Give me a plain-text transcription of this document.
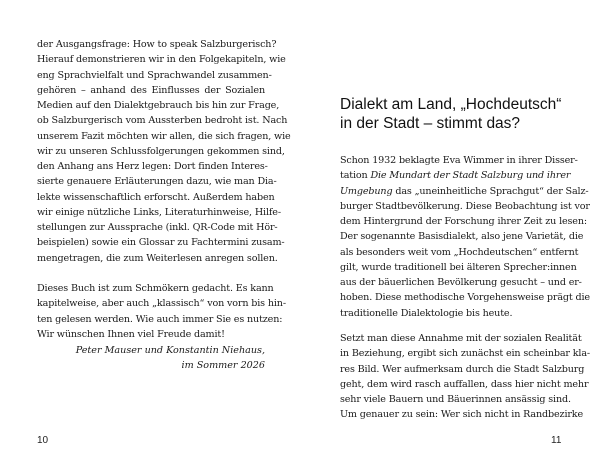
der Ausgangsfrage: How to speak Salzburgerisch?
Hierauf demonstrieren wir in den Folgekapiteln, wie
eng Sprachvielfalt und Sprachwandel zusammen-
gehören – anhand des Einflusses der Sozialen
Medien auf den Dialektgebrauch bis hin zur Frage,
ob Salzburgerisch vom Aussterben bedroht ist. Nach
unserem Fazit möchten wir allen, die sich fragen, wie
wir zu unseren Schlussfolgerungen gekommen sind,
den Anhang ans Herz legen: Dort finden Interes-
sierte genauere Erläuterungen dazu, wie man Dia-
lekte wissenschaftlich erforscht. Außerdem haben
wir einige nützliche Links, Literaturhinweise, Hilfe-
stellungen zur Aussprache (inkl. QR-Code mit Hör-
beispielen) sowie ein Glossar zu Fachtermini zusam-
mengetragen, die zum Weiterlesen anregen sollen.
Dieses Buch ist zum Schmökern gedacht. Es kann
kapitelweise, aber auch „klassisch“ von vorn bis hin-
ten gelesen werden. Wie auch immer Sie es nutzen:
Wir wünschen Ihnen viel Freude damit!
Peter Mauser und Konstantin Niehaus,
im Sommer 2026
10
Dialekt am Land, „Hochdeutsch“ in der Stadt – stimmt das?
Schon 1932 beklagte Eva Wimmer in ihrer Disser-
tation Die Mundart der Stadt Salzburg und ihrer
Umgebung das „uneinheitliche Sprachgut“ der Salz-
burger Stadtbevölkerung. Diese Beobachtung ist vor
dem Hintergrund der Forschung ihrer Zeit zu lesen:
Der sogenannte Basisdialekt, also jene Varietät, die
als besonders weit vom „Hochdeutschen“ entfernt
gilt, wurde traditionell bei älteren Sprecher:innen
aus der bäuerlichen Bevölkerung gesucht – und er-
hoben. Diese methodische Vorgehensweise prägt die
traditionelle Dialektologie bis heute.
Setzt man diese Annahme mit der sozialen Realität
in Beziehung, ergibt sich zunächst ein scheinbar kla-
res Bild. Wer aufmerksam durch die Stadt Salzburg
geht, dem wird rasch auffallen, dass hier nicht mehr
sehr viele Bauern und Bäuerinnen ansässig sind.
Um genauer zu sein: Wer sich nicht in Randbezirke
11
